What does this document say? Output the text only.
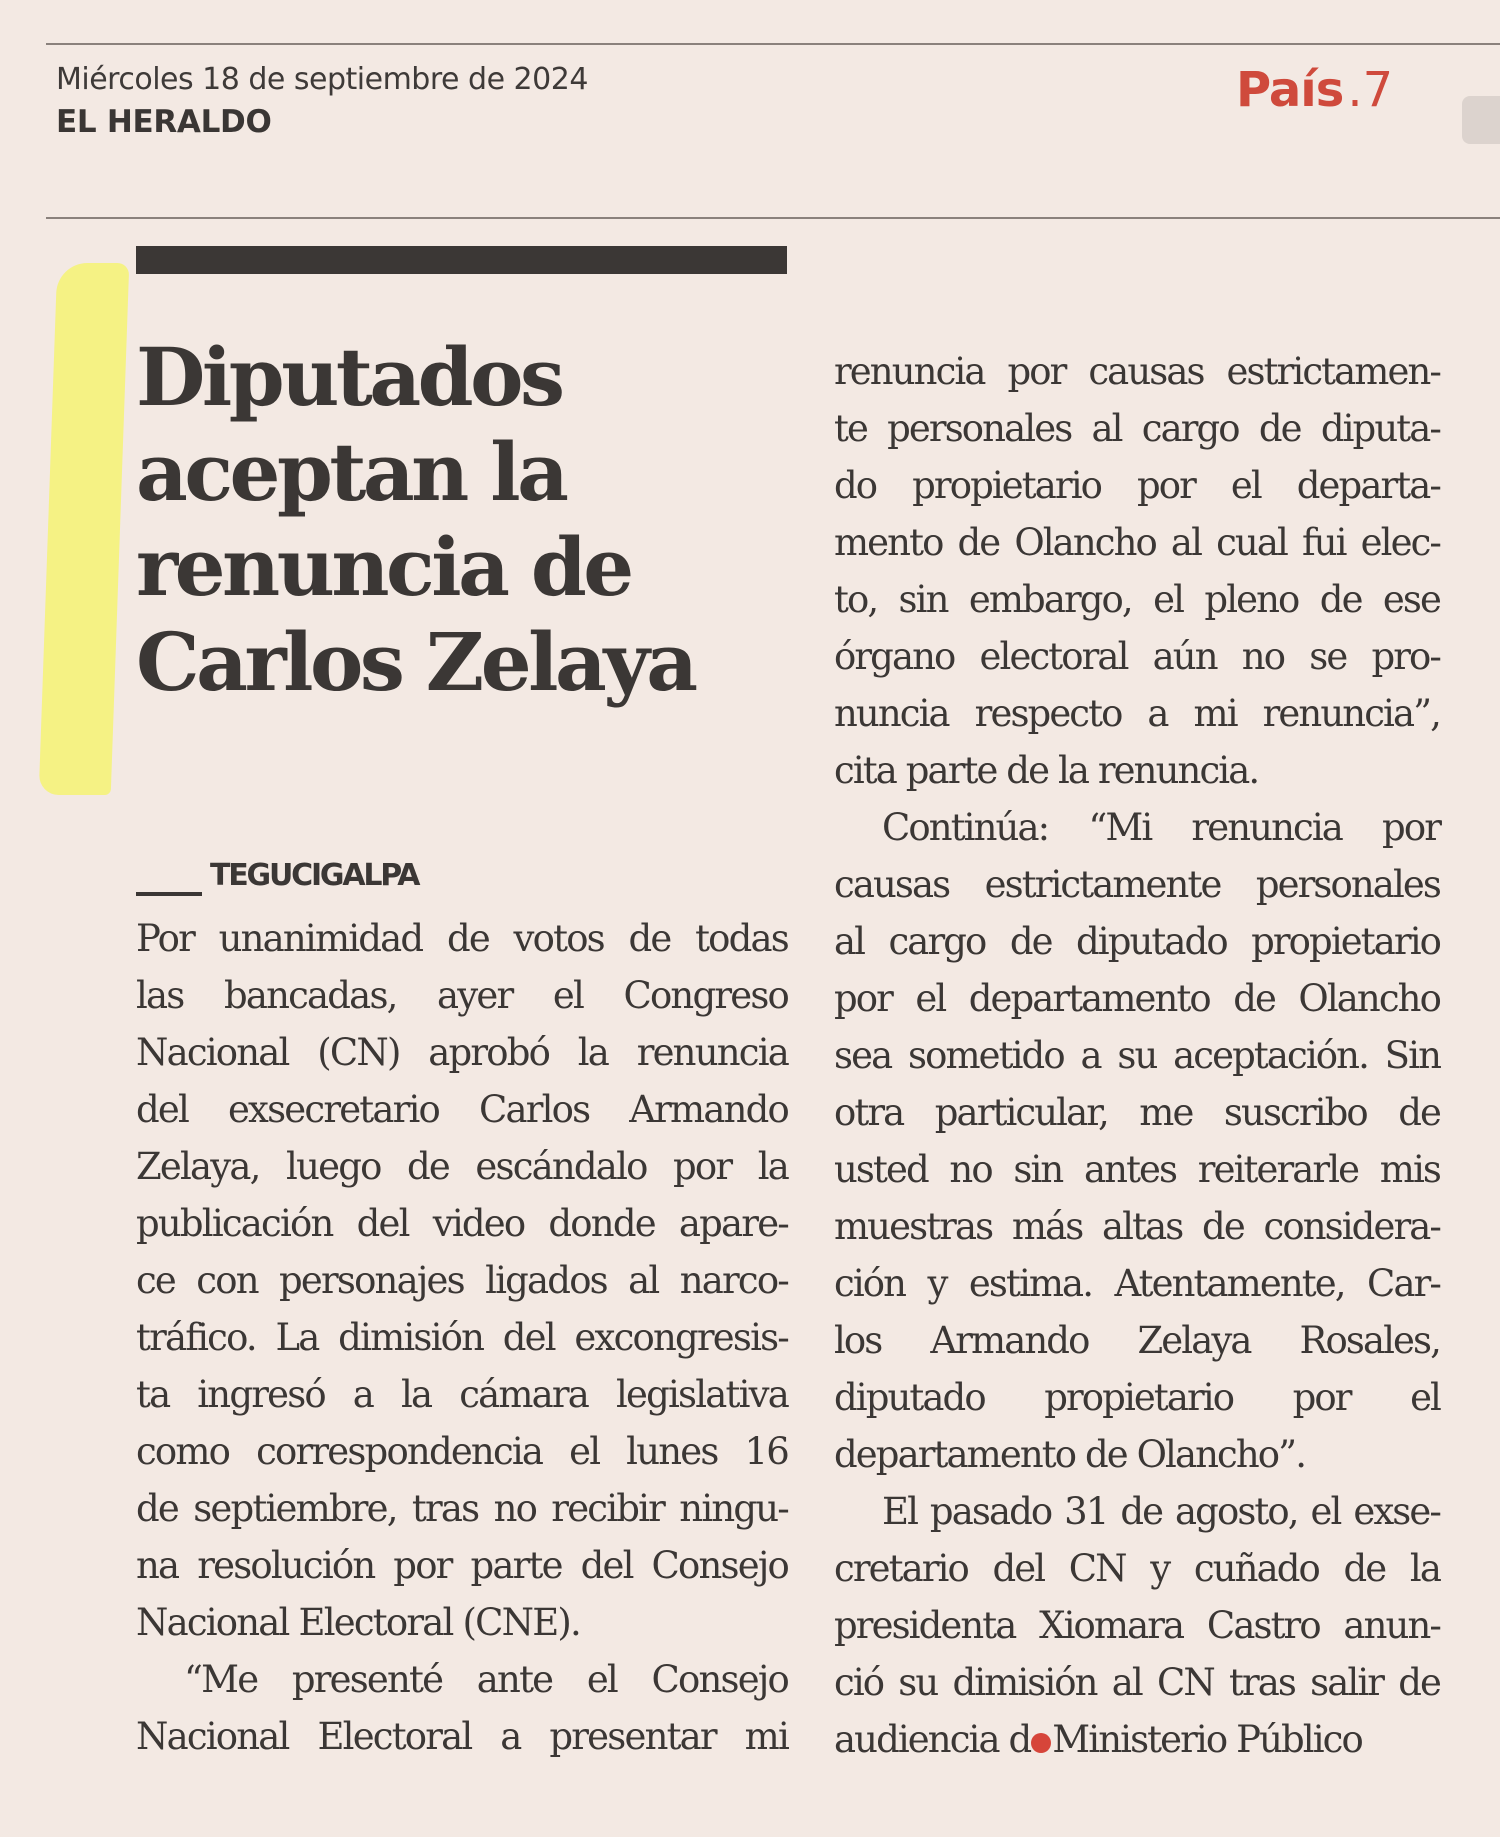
Miércoles 18 de septiembre de 2024
EL HERALDO
País.7
Diputados
aceptan la
renuncia de
Carlos Zelaya
TEGUCIGALPA
Por unanimidad de votos de todas
las bancadas, ayer el Congreso
Nacional (CN) aprobó la renuncia
del exsecretario Carlos Armando
Zelaya, luego de escándalo por la
publicación del video donde apare-
ce con personajes ligados al narco-
tráfico. La dimisión del excongresis-
ta ingresó a la cámara legislativa
como correspondencia el lunes 16
de septiembre, tras no recibir ningu-
na resolución por parte del Consejo
Nacional Electoral (CNE).
“Me presenté ante el Consejo
Nacional Electoral a presentar mi
renuncia por causas estrictamen-
te personales al cargo de diputa-
do propietario por el departa-
mento de Olancho al cual fui elec-
to, sin embargo, el pleno de ese
órgano electoral aún no se pro-
nuncia respecto a mi renuncia”,
cita parte de la renuncia.
Continúa: “Mi renuncia por
causas estrictamente personales
al cargo de diputado propietario
por el departamento de Olancho
sea sometido a su aceptación. Sin
otra particular, me suscribo de
usted no sin antes reiterarle mis
muestras más altas de considera-
ción y estima. Atentamente, Car-
los Armando Zelaya Rosales,
diputado propietario por el
departamento de Olancho”.
El pasado 31 de agosto, el exse-
cretario del CN y cuñado de la
presidenta Xiomara Castro anun-
ció su dimisión al CN tras salir de
audiencia d Ministerio Público
